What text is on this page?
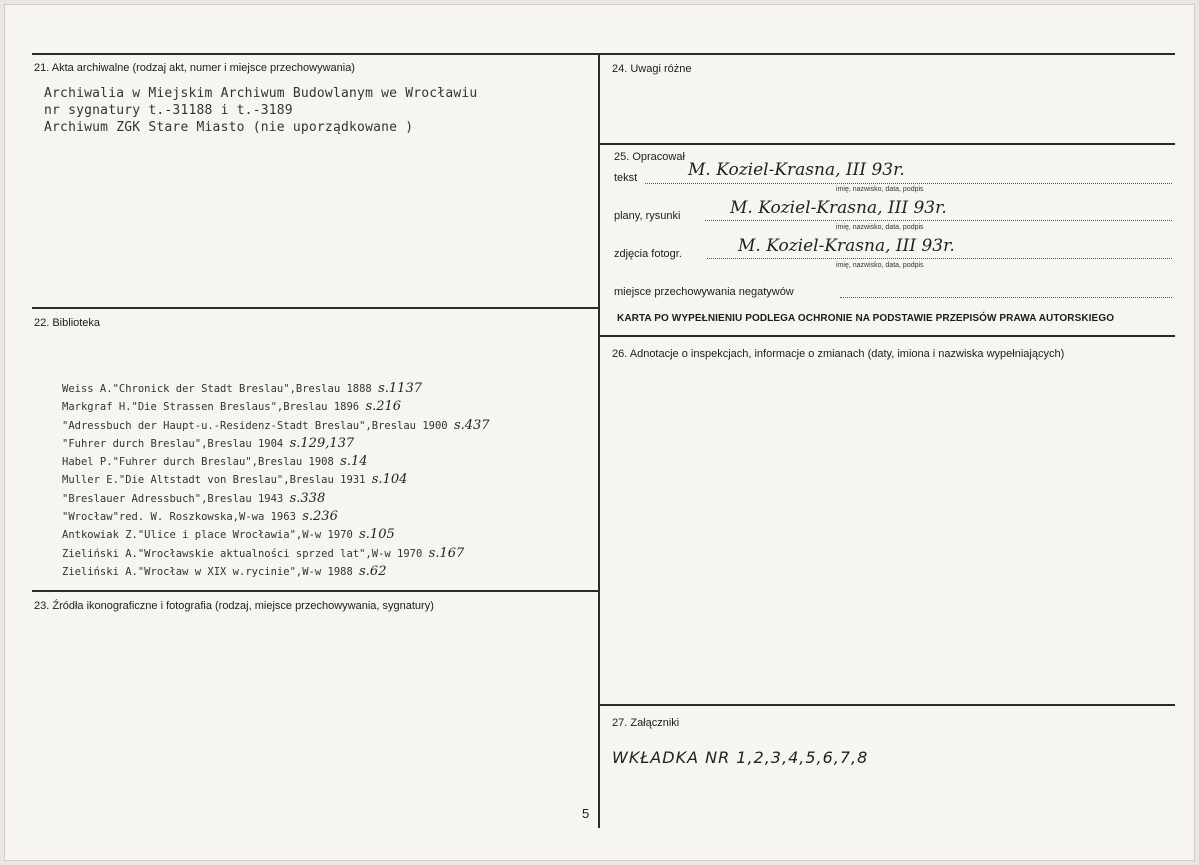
21. Akta archiwalne (rodzaj akt, numer i miejsce przechowywania)
Archiwalia w Miejskim Archiwum Budowlanym we Wrocławiu
nr sygnatury t.-31188 i t.-3189
Archiwum ZGK Stare Miasto (nie uporządkowane )
22. Biblioteka
Weiss A."Chronick der Stadt Breslau",Breslau 1888 s.1137
Markgraf H."Die Strassen Breslaus",Breslau 1896 s.216
"Adressbuch der Haupt-u.-Residenz-Stadt Breslau",Breslau 1900 s.437
"Fuhrer durch Breslau",Breslau 1904 s.129,137
Habel P."Fuhrer durch Breslau",Breslau 1908 s.14
Muller E."Die Altstadt von Breslau",Breslau 1931 s.104
"Breslauer Adressbuch",Breslau 1943 s.338
"Wrocław"red. W. Roszkowska,W-wa 1963 s.236
Antkowiak Z."Ulice i place Wrocławia",W-w 1970 s.105
Zieliński A."Wrocławskie aktualności sprzed lat",W-w 1970 s.167
Zieliński A."Wrocław w XIX w.rycinie",W-w 1988 s.62
23. Źródła ikonograficzne i fotografia (rodzaj, miejsce przechowywania, sygnatury)
5
24. Uwagi różne
25. Opracował
tekst	M. Koziel-Krasna, III 93r.
imię, nazwisko, data, podpis
plany, rysunki	M. Koziel-Krasna, III 93r.
imię, nazwisko, data, podpis
zdjęcia fotogr.	M. Koziel-Krasna, III 93r.
imię, nazwisko, data, podpis
miejsce przechowywania negatywów
KARTA PO WYPEŁNIENIU PODLEGA OCHRONIE NA PODSTAWIE PRZEPISÓW PRAWA AUTORSKIEGO
26. Adnotacje o inspekcjach, informacje o zmianach (daty, imiona i nazwiska wypełniających)
27. Załączniki
WKŁADKA NR 1,2,3,4,5,6,7,8
